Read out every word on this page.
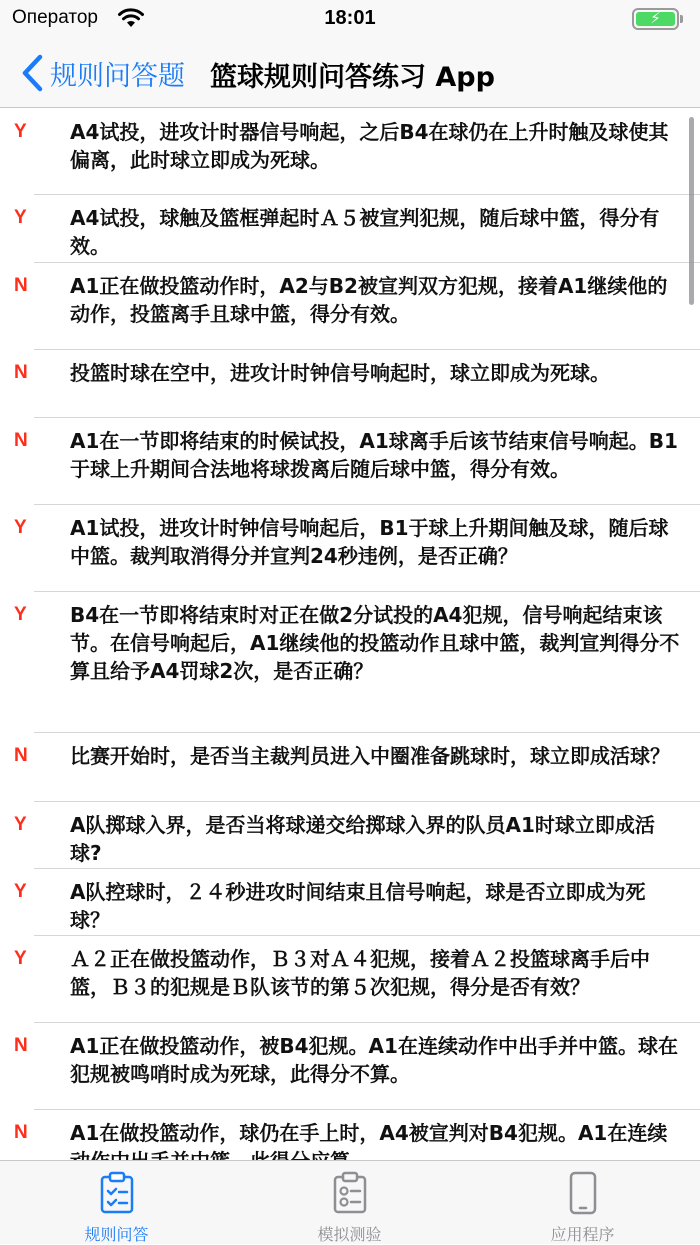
Оператор	18:01	⚡
规则问答题 篮球规则问答练习 App
Y A4试投，进攻计时器信号响起，之后B4在球仍在上升时触及球使其偏离，此时球立即成为死球。
Y A4试投，球触及篮框弹起时Ａ５被宣判犯规，随后球中篮，得分有效。
N A1正在做投篮动作时，A2与B2被宣判双方犯规，接着A1继续他的动作，投篮离手且球中篮，得分有效。
N 投篮时球在空中，进攻计时钟信号响起时，球立即成为死球。
N A1在一节即将结束的时候试投，A1球离手后该节结束信号响起。B1于球上升期间合法地将球拨离后随后球中篮，得分有效。
Y A1试投，进攻计时钟信号响起后，B1于球上升期间触及球，随后球中篮。裁判取消得分并宣判24秒违例，是否正确？
Y B4在一节即将结束时对正在做2分试投的A4犯规，信号响起结束该节。在信号响起后，A1继续他的投篮动作且球中篮，裁判宣判得分不算且给予A4罚球2次，是否正确？
N 比赛开始时，是否当主裁判员进入中圈准备跳球时，球立即成活球？
Y A队掷球入界，是否当将球递交给掷球入界的队员A1时球立即成活球?
Y A队控球时，２４秒进攻时间结束且信号响起，球是否立即成为死球？
Y Ａ２正在做投篮动作，Ｂ３对Ａ４犯规，接着Ａ２投篮球离手后中篮，Ｂ３的犯规是Ｂ队该节的第５次犯规，得分是否有效？
N A1正在做投篮动作，被B4犯规。A1在连续动作中出手并中篮。球在犯规被鸣哨时成为死球，此得分不算。
N A1在做投篮动作，球仍在手上时，A4被宣判对B4犯规。A1在连续
规则问答	模拟测验	应用程序
